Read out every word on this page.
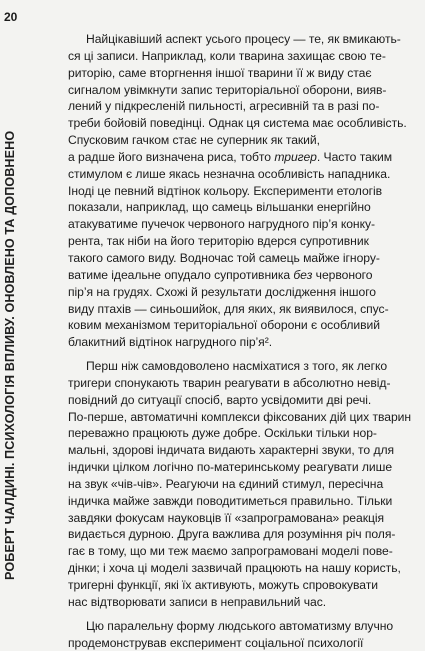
20
РОБЕРТ ЧАЛДИНІ. ПСИХОЛОГІЯ ВПЛИВУ. ОНОВЛЕНО ТА ДОПОВНЕНО
Найцікавіший аспект усього процесу — те, як вмикають-
ся ці записи. Наприклад, коли тварина захищає свою те-
риторію, саме вторгнення іншої тварини її ж виду стає
сигналом увімкнути запис територіальної оборони, вияв-
лений у підкресленій пильності, агресивній та в разі по-
треби бойовій поведінці. Однак ця система має особливість.
Спусковим гачком стає не суперник як такий,
а радше його визначена риса, тобто тригер. Часто таким
стимулом є лише якась незначна особливість нападника.
Іноді це певний відтінок кольору. Експерименти етологів
показали, наприклад, що самець вільшанки енергійно
атакуватиме пучечок червоного нагрудного пір’я конку-
рента, так ніби на його територію вдерся супротивник
такого самого виду. Водночас той самець майже ігнору-
ватиме ідеальне опудало супротивника без червоного
пір’я на грудях. Схожі й результати дослідження іншого
виду птахів — синьошийок, для яких, як виявилося, спус-
ковим механізмом територіальної оборони є особливий
блакитний відтінок нагрудного пір’я².
Перш ніж самовдоволено насміхатися з того, як легко
тригери спонукають тварин реагувати в абсолютно невід-
повідний до ситуації спосіб, варто усвідомити дві речі.
По-перше, автоматичні комплекси фіксованих дій цих тварин
переважно працюють дуже добре. Оскільки тільки нор-
мальні, здорові індичата видають характерні звуки, то для
індички цілком логічно по-материнському реагувати лише
на звук «чів-чів». Реагуючи на єдиний стимул, пересічна
індичка майже завжди поводитиметься правильно. Тільки
завдяки фокусам науковців її «запрограмована» реакція
видається дурною. Друга важлива для розуміння річ поля-
гає в тому, що ми теж маємо запрограмовані моделі пове-
дінки; і хоча ці моделі зазвичай працюють на нашу користь,
тригерні функції, які їх активують, можуть спровокувати
нас відтворювати записи в неправильний час.
Цю паралельну форму людського автоматизму влучно
продемонстрував експеримент соціальної психології
